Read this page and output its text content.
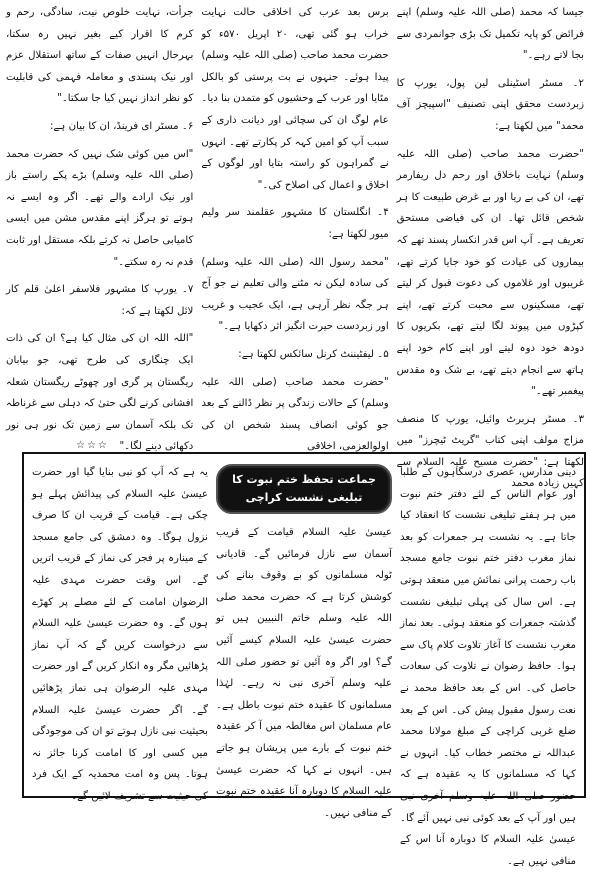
جیسا کہ محمد (صلی اللہ علیہ وسلم) اپنے فرائض کو پایہ تکمیل تک بڑی جوانمردی سے بجا لاتے رہے۔"

۲۔ مسٹر اسٹینلی لین پول، یورپ کا زبردست محقق اپنی تصنیف "اسپیچز آف محمد" میں لکھتا ہے:

"حضرت محمد صاحب (صلی اللہ علیہ وسلم) نہایت باخلاق اور رحم دل ریفارمر تھے، ان کی بے ریا اور بے غرض طبیعت کا ہر شخص قائل تھا۔ ان کی فیاضی مستحق تعریف ہے۔ آپ اس قدر انکسار پسند تھے کہ بیماروں کی عیادت کو خود جایا کرتے تھے، غریبوں اور غلاموں کی دعوت قبول کر لیتے تھے، مسکینوں سے محبت کرتے تھے، اپنے کپڑوں میں پیوند لگا لیتے تھے، بکریوں کا دودھ خود دوہ لیتے اور اپنے کام خود اپنے ہاتھ سے انجام دیتے تھے، بے شک وہ مقدس پیغمبر تھے۔"

۳۔ مسٹر ہربرٹ وائیل، یورپ کا منصف مزاج مولف اپنی کتاب "گریٹ ٹیچرز" میں لکھتا ہے: "حضرت مسیح علیہ السلام سے کہیں زیادہ محمد

برس بعد عرب کی اخلاقی حالت نہایت خراب ہو گئی تھی، ۲۰ اپریل ۵۷۰ء کو حضرت محمد صاحب (صلی اللہ علیہ وسلم) پیدا ہوئے۔ جنہوں نے بت پرستی کو بالکل مٹایا اور عرب کے وحشیوں کو متمدن بنا دیا۔ عام لوگ ان کی سچائی اور دیانت داری کے سبب آپ کو امین کہہ کر پکارتے تھے۔ انہوں نے گمراہوں کو راستہ بتایا اور لوگوں کے اخلاق و اعمال کی اصلاح کی۔"

۴۔ انگلستان کا مشہور عقلمند سر ولیم میور لکھتا ہے:

"محمد رسول اللہ (صلی اللہ علیہ وسلم) کی سادہ لیکن نہ مٹنے والی تعلیم نے جو آج ہر جگہ نظر آرہی ہے، ایک عجیب و غریب اور زبردست حیرت انگیز اثر دکھایا ہے۔"

۵۔ لیفٹیننٹ کرنل سائکس لکھتا ہے:

"حضرت محمد صاحب (صلی اللہ علیہ وسلم) کے حالات زندگی پر نظر ڈالنے کے بعد جو کوئی انصاف پسند شخص ان کی اولوالعزمی، اخلاقی

جرأت، نہایت خلوص نیت، سادگی، رحم و کرم کا اقرار کیے بغیر نہیں رہ سکتا، بہرحال انہیں صفات کے ساتھ استقلال عزم اور نیک پسندی و معاملہ فہمی کی قابلیت کو نظر انداز نہیں کیا جا سکتا۔"

۶۔ مسٹر ای فرینڈ، ان کا بیان ہے:

"اس میں کوئی شک نہیں کہ حضرت محمد (صلی اللہ علیہ وسلم) بڑے پکے راستے باز اور نیک ارادے والے تھے۔ اگر وہ ایسے نہ ہوتے تو ہرگز اپنے مقدس مشن میں ایسی کامیابی حاصل نہ کرتے بلکہ مستقل اور ثابت قدم نہ رہ سکتے۔"

۷۔ یورپ کا مشہور فلاسفر اعلیٰ قلم کار لائل لکھتا ہے کہ:

"اللہ اللہ ان کی مثال کیا ہے؟ ان کی ذات ایک چنگاری کی طرح تھی، جو بیابان ریگستان پر گری اور چھوٹے ریگستان شعلہ افشانی کرنے لگی حتیٰ کہ دہلی سے غرناطہ تک بلکہ آسمان سے زمین تک نور ہی نور دکھائی دینے لگا۔"

☆☆☆

دینی مدارس، عصری درسگاہوں کے طلبا اور عوام الناس کے لئے دفتر ختم نبوت میں ہر ہفتے تبلیغی نشست کا انعقاد کیا جاتا ہے۔ یہ نشست ہر جمعرات کو بعد نماز مغرب دفتر ختم نبوت جامع مسجد باب رحمت پرانی نمائش میں منعقد ہوتی ہے۔ اس سال کی پہلی تبلیغی نشست گذشتہ جمعرات کو منعقد ہوئی۔ بعد نماز مغرب نشست کا آغاز تلاوت کلام پاک سے ہوا۔ حافظ رضوان نے تلاوت کی سعادت حاصل کی۔ اس کے بعد حافظ محمد نے نعت رسول مقبول پیش کی۔ اس کے بعد ضلع غربی کراچی کے مبلغ مولانا محمد عبداللہ نے مختصر خطاب کیا۔ انہوں نے کہا کہ مسلمانوں کا یہ عقیدہ ہے کہ حضور صلی اللہ علیہ وسلم آخری نبی ہیں اور آپ کے بعد کوئی نبی نہیں آئے گا۔ عیسیٰ علیہ السلام کا دوبارہ آنا اس کے منافی نہیں ہے۔

جماعت تحفظ ختم نبوت کا تبلیغی نشست کراچی

عیسیٰ علیہ السلام قیامت کے قریب آسمان سے نازل فرمائیں گے۔ قادیانی ٹولہ مسلمانوں کو بے وقوف بنانے کی کوشش کرتا ہے کہ حضرت محمد صلی اللہ علیہ وسلم خاتم النبیین ہیں تو حضرت عیسیٰ علیہ السلام کیسے آئیں گے؟ اور اگر وہ آئیں تو حضور صلی اللہ علیہ وسلم آخری نبی نہ رہے۔ لہٰذا مسلمانوں کا عقیدہ ختم نبوت باطل ہے۔ عام مسلمان اس مغالطہ میں آ کر عقیدہ ختم نبوت کے بارے میں پریشان ہو جاتے ہیں۔ انہوں نے کہا کہ حضرت عیسیٰ علیہ السلام کا دوبارہ آنا عقیدہ ختم نبوت کے منافی نہیں۔

یہ ہے کہ آپ کو نبی بنایا گیا اور حضرت عیسیٰ علیہ السلام کی پیدائش پہلے ہو چکی ہے۔ قیامت کے قریب ان کا صرف نزول ہوگا۔ وہ دمشق کی جامع مسجد کے مینارہ پر فجر کی نماز کے قریب اتریں گے۔ اس وقت حضرت مہدی علیہ الرضوان امامت کے لئے مصلے پر کھڑے ہوں گے۔ وہ حضرت عیسیٰ علیہ السلام سے درخواست کریں گے کہ آپ نماز پڑھائیں مگر وہ انکار کریں گے اور حضرت مہدی علیہ الرضوان ہی نماز پڑھائیں گے۔ اگر حضرت عیسیٰ علیہ السلام بحیثیت نبی نازل ہوتے تو ان کی موجودگی میں کسی اور کا امامت کرنا جائز نہ ہوتا۔ پس وہ امت محمدیہ کے ایک فرد کی حیثیت سے تشریف لائیں گے۔
